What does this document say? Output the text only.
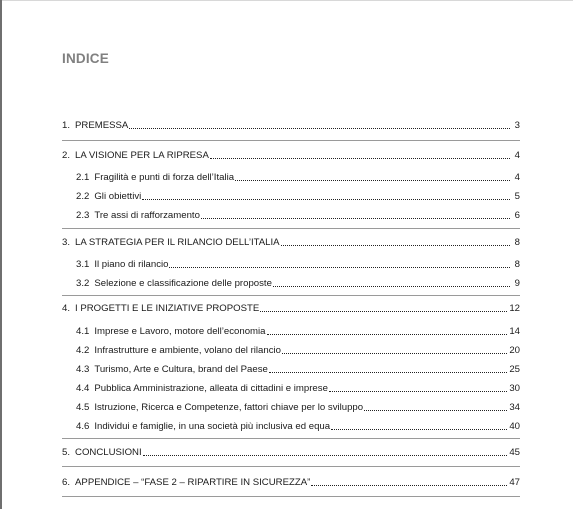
INDICE
1. PREMESSA	3
2. LA VISIONE PER LA RIPRESA	4
2.1 Fragilità e punti di forza dell’Italia	4
2.2 Gli obiettivi	5
2.3 Tre assi di rafforzamento	6
3. LA STRATEGIA PER IL RILANCIO DELL’ITALIA	8
3.1 Il piano di rilancio	8
3.2 Selezione e classificazione delle proposte	9
4. I PROGETTI E LE INIZIATIVE PROPOSTE	12
4.1 Imprese e Lavoro, motore dell’economia	14
4.2 Infrastrutture e ambiente, volano del rilancio	20
4.3 Turismo, Arte e Cultura, brand del Paese	25
4.4 Pubblica Amministrazione, alleata di cittadini e imprese	30
4.5 Istruzione, Ricerca e Competenze, fattori chiave per lo sviluppo	34
4.6 Individui e famiglie, in una società più inclusiva ed equa	40
5. CONCLUSIONI	45
6. APPENDICE – “FASE 2 – RIPARTIRE IN SICUREZZA”	47
